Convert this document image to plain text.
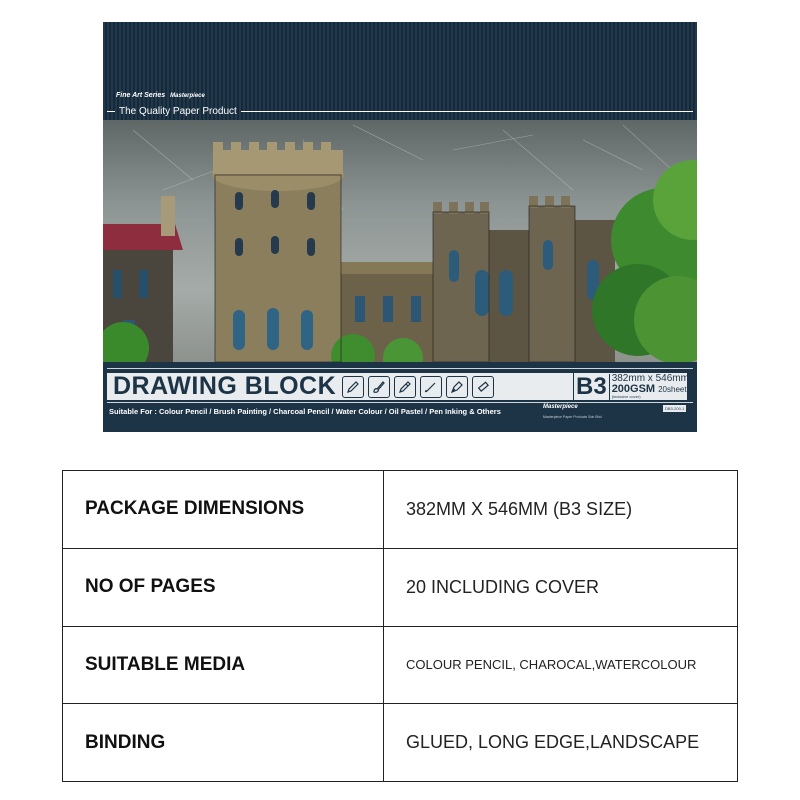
Fine Art Series Masterpiece
The Quality Paper Product
DRAWING BLOCK	B3 382mm x 546mm
200GSM 20sheets
(inclusive cover)
Suitable For : Colour Pencil / Brush Painting / Charcoal Pencil / Water Colour / Oil Pastel / Pen Inking & Others	Masterpiece	DB3-200-1
Masterpiece Paper Products Sdn Bhd
PACKAGE DIMENSIONS	382MM X 546MM (B3 SIZE)

NO OF PAGES	20 INCLUDING COVER

SUITABLE MEDIA	COLOUR PENCIL, CHAROCAL,WATERCOLOUR

BINDING	GLUED, LONG EDGE,LANDSCAPE
